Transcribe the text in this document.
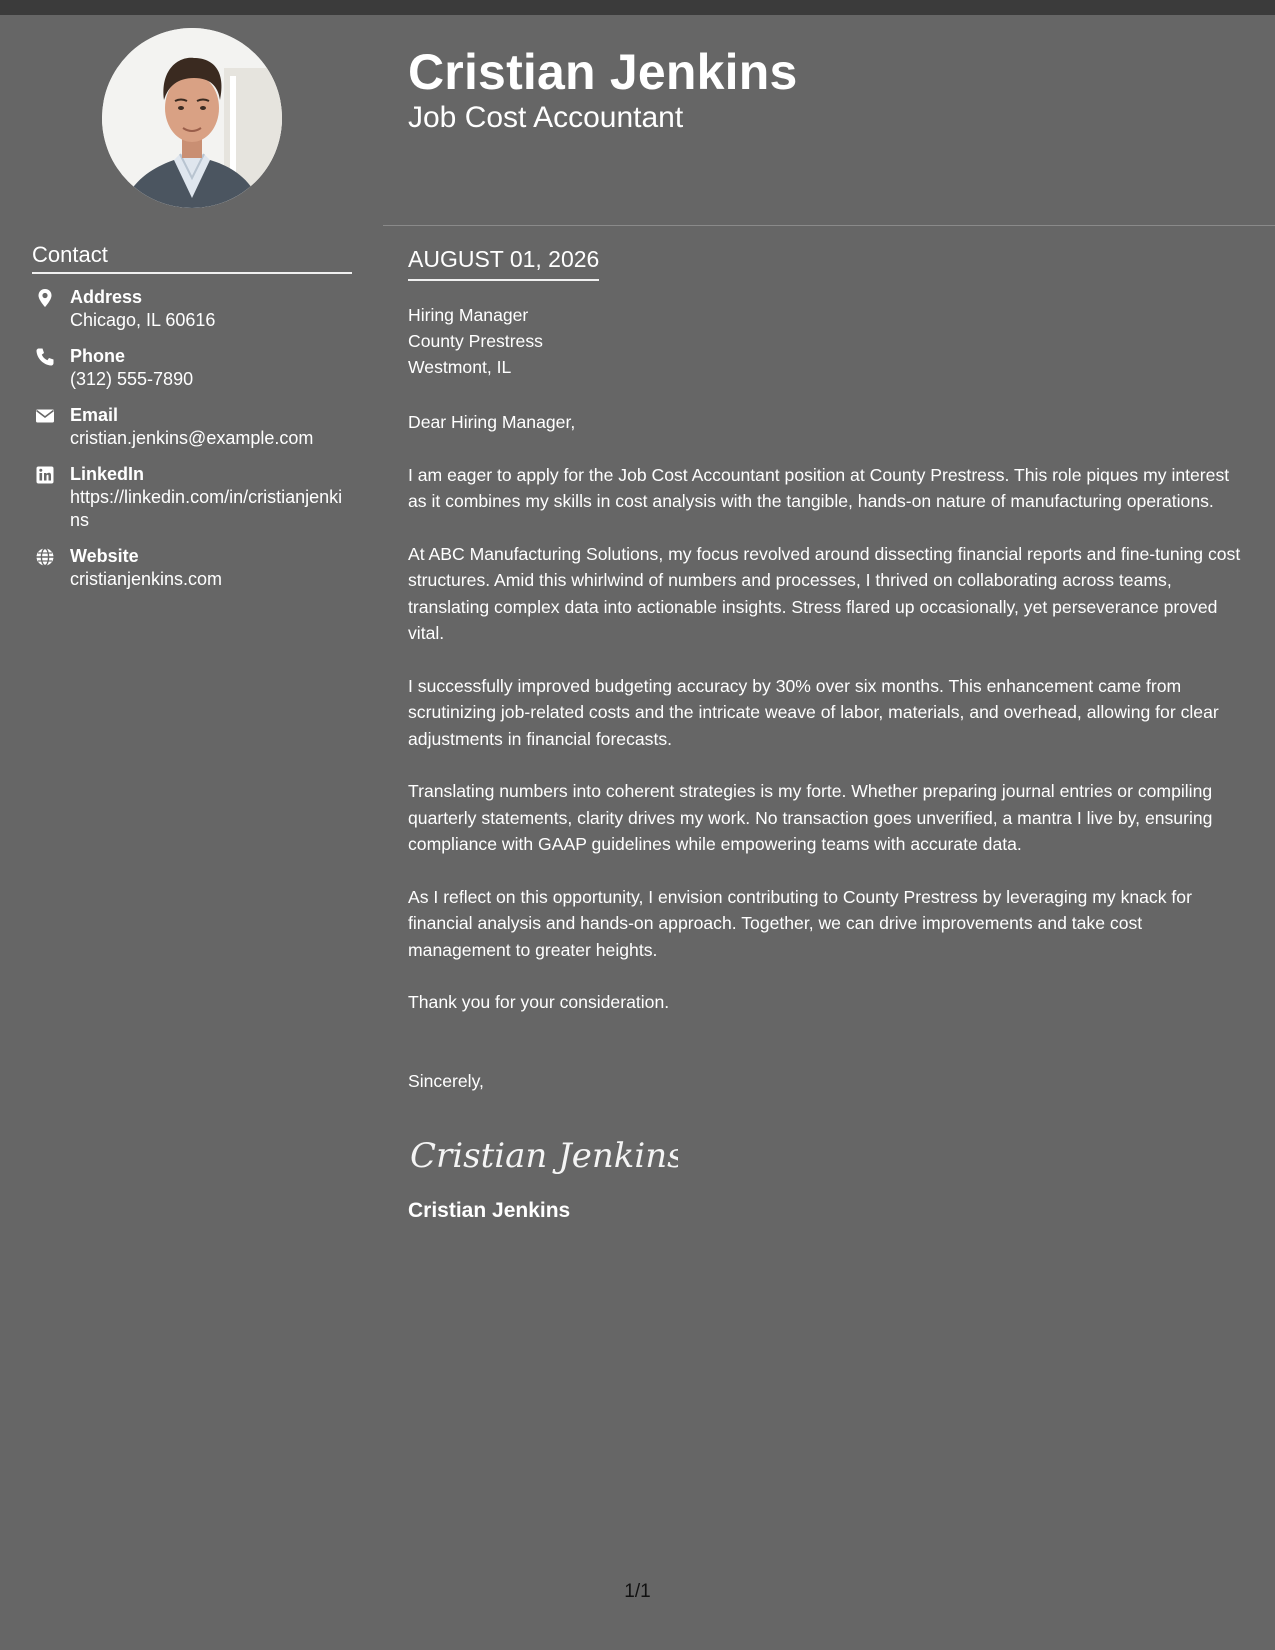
Contact
Address
Chicago, IL 60616
Phone
(312) 555-7890
Email
cristian.jenkins@example.com
LinkedIn
https://linkedin.com/in/cristianjenkins
Website
cristianjenkins.com
Cristian Jenkins
Job Cost Accountant
AUGUST 01, 2026
Hiring Manager
County Prestress
Westmont, IL

Dear Hiring Manager,

I am eager to apply for the Job Cost Accountant position at County Prestress. This role piques my interest as it combines my skills in cost analysis with the tangible, hands-on nature of manufacturing operations.

At ABC Manufacturing Solutions, my focus revolved around dissecting financial reports and fine-tuning cost structures. Amid this whirlwind of numbers and processes, I thrived on collaborating across teams, translating complex data into actionable insights. Stress flared up occasionally, yet perseverance proved vital.

I successfully improved budgeting accuracy by 30% over six months. This enhancement came from scrutinizing job-related costs and the intricate weave of labor, materials, and overhead, allowing for clear adjustments in financial forecasts.

Translating numbers into coherent strategies is my forte. Whether preparing journal entries or compiling quarterly statements, clarity drives my work. No transaction goes unverified, a mantra I live by, ensuring compliance with GAAP guidelines while empowering teams with accurate data.

As I reflect on this opportunity, I envision contributing to County Prestress by leveraging my knack for financial analysis and hands-on approach. Together, we can drive improvements and take cost management to greater heights.

Thank you for your consideration.

Sincerely,
Cristian Jenkins
Cristian Jenkins
1/1
